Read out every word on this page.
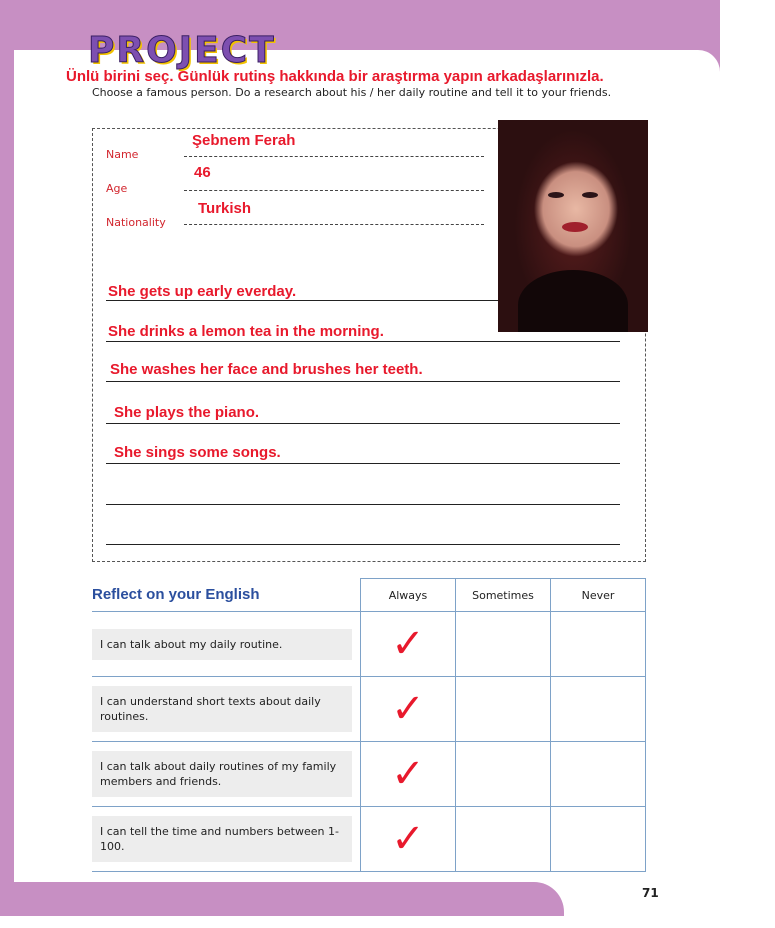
PROJECT
Ünlü birini seç. Günlük rutinş hakkında bir araştırma yapın arkadaşlarınızla.
Choose a famous person. Do a research about his / her daily routine and tell it to your friends.
Name
Şebnem Ferah
Age
46
Nationality
Turkish
She gets up early everday.
She drinks a lemon tea in the morning.
She washes her face and brushes her teeth.
She plays the piano.
She sings some songs.
Reflect on your English	Always	Sometimes	Never

I can talk about my daily routine.	✓		

I can understand short texts about daily routines.	✓		

I can talk about daily routines of my family members and friends.	✓		

I can tell the time and numbers between 1-100.	✓		

71
